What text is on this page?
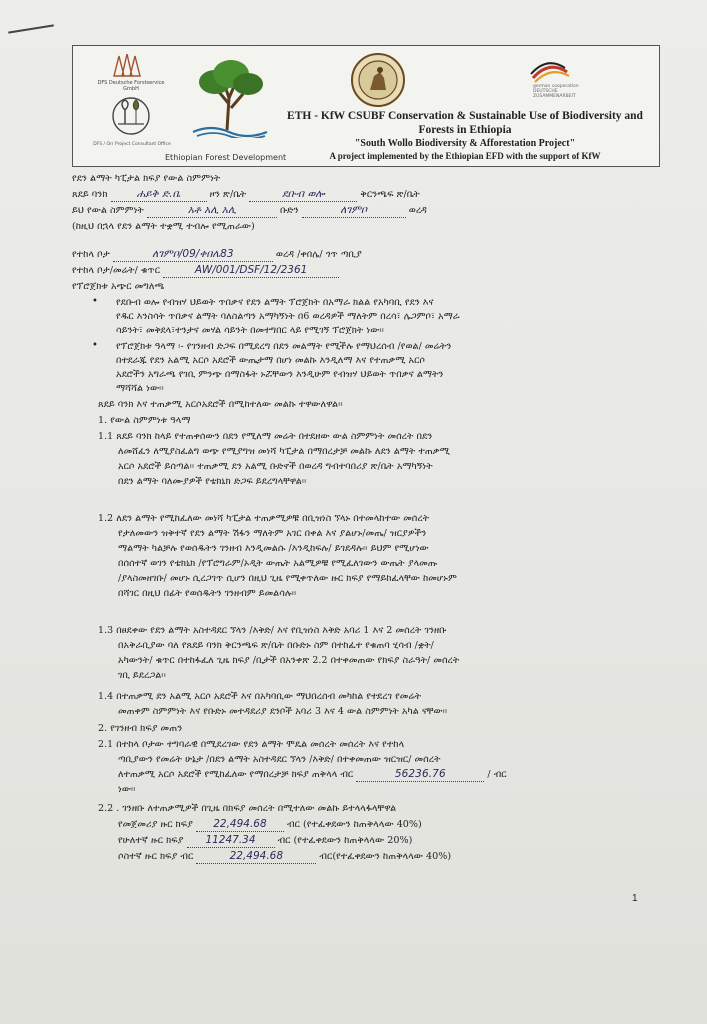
DFS Deutsche Forstservice GmbH
DFS / Orr Project Consultant Office
Ethiopian Forest Development
german cooperation DEUTSCHE ZUSAMMENARBEIT
ETH - KfW CSUBF Conservation & Sustainable Use of Biodiversity and
Forests in Ethiopia
"South Wollo Biodiversity & Afforestation Project"
A project implemented by the Ethiopian EFD with the support of KfW
የደን ልማት ካፒታል ክፍያ የውል ስምምነት
ጸደይ ባንክ	ሐይቅ ድ.ቤ	ዞን ጽ/ቤት	ደቡብ ወሎ	ቅርንጫፍ ጽ/ቤት
ይህ የውል ስምምነት	አቶ አሊ አሊ	ቡድን	ለገምቦ	ወረዳ
(ከዚህ በኋላ የደን ልማት ተቋሚ ተብሎ የሚጠራው)
የተከላ ቦታ	ለገምቦ/09/ቀበሌ83	ወረዳ /ቀበሌ/ ጎጥ ጣቢያ
የተከላ ቦታ/መሬት/ ቁጥር	AW/001/DSF/12/2361
የፕሮጀክቱ አጭር መግለጫ
• የደቡብ ወሎ የብዝሃ ህይወት ጥበቃና የደን ልማት ፕሮጀክት በአማራ ክልል የአካባቢ የደን እና
የዱር እንስሳት ጥበቃና ልማት ባለስልጣን አማካኝነት በ6 ወረዳዎች ማለትም በረሳ፣ ሌጋምቦ፣ አማራ
ሳይንት፣ መቅደላ፣ተንታና መሃል ሳይንት በመተግበር ላይ የሚገኝ ፕሮጀክት ነው፡፡
• የፕሮጀክቱ ዓላማ ፡- የገንዘብ ድጋፍ በሚደረግ በደን መልማት የሚችሉ የማህረሰብ /የወል/ መሬትን
በተደራጁ የደን አልሚ አርሶ አደሮች ውጤታማ በሆነ መልኩ እንዲለማ እና የተጠቃሚ አርሶ
አደሮችን አግራጫ የገቢ ምንጭ በማስፋት ኑሯቸውን እንዲሁም የብዝሃ ህይወት ጥበቃና ልማትን
ማሻሻል ነው፡፡
ጸደይ ባንክ እና ተጠቃሚ አርሶአደሮች በሚከተለው መልኩ ተዋውለዋል፡፡
1. የውል ስምምነቱ ዓላማ
1.1 ጸደይ ባንክ ከላይ የተጠቀሰውን በደን የሚለማ መሬት በተደዘው ውል ስምምነት መሰረት በደን
ለመሸፈን ለሚያስፈልግ ወጭ የሚያግዝ መነሻ ካፒታል በማበረታቻ መልኩ ለደን ልማት ተጠቃሚ
አርሶ አደሮች ይሰጣል፡፡ ተጠቃሚ ደን አልሚ ቡድኖች በወረዳ ግብተባበሪያ ጽ/ቤት አማካኝነት
በደን ልማት ባለሙያዎች የቴክኒክ ድጋፍ ይደረግላቸዋል፡፡
1.2 ለደን ልማት የሚከፈለው መነሻ ካፒታል ተጠቃሚዎቹ በቢዝነስ ኘላኑ በተመላከተው መሰረት
የታለመውን ዝቅተኛ የደን ልማት ሽፋን ማለትም አገር በቀል እና ያልሆኑ/መጤ/ ዝርያዎችን
ማልማት ካልቻሉ የወሰዱትን ገንዘብ እንዲመልሱ /እንዲከፍሉ/ ይገደዳሉ፡፡ ይህም የሚሆነው
በሰሰተኛ ወገን የቴክኒክ /የፕሮግራም/ኦዲት ውጤት አልሚዎቹ የሚፈለገውን ውጤት ያላመጡ
/ያላስመዘገቡ/ መሆኑ ሲረጋገጥ ሲሆን በዚህ ጊዜ የሚቀጥለው ዙር ክፍያ የማይከፈላቸው ከመሆኑም
በሻገር በዚህ በፊት የወሰዱትን ገንዘብም ይመልሳሉ፡፡
1.3 በፀደቀው የደን ልማት አስተዳደር ኘላን /እቅድ/ እና የቢዝነስ እቅድ አባሪ 1 እና 2 መሰረት ገንዘቡ
በአቅራቢያው ባለ የጸደይ ባንክ ቅርንጫፍ ጽ/ቤት በቡድኑ ስም በተከፈተ የቁጠባ ሂሳብ /ቋት/
አካውንት/ ቁጥር በተከፋፈለ ጊዜ ክፍያ /ቢታች በአንቀጽ 2.2 በተቀመጠው የክፍያ ስራዓት/ መሰረት
ገቢ ይደረጋል፡፡
1.4 በተጠቃሚ ደን አልሚ አርሶ አደሮች እና በአካባቢው ማህበረሰብ መካከል የተደረገ የመሬት
መጠቀም ስምምነት እና የቡድኑ መተዳደሪያ ደንቦች አባሪ 3 እና 4 ውል ስምምነት አካል ናቸው፡፡
2. የገንዘብ ክፍያ መጠን
2.1 በተከላ ቦታው ተግባራዊ በሚደረገው የደን ልማት ሞዴል መሰረት መሰረት እና የተከላ
ጣቢያውን የመሬት ሁኔታ /በደን ልማት አስተዳደር ኘላን /እቅድ/ በተቀመጠው ዝርዝር/ መሰረት
ለተጠቃሚ አርሶ አደሮች የሚከፈለው የማበረታቻ ክፍያ ጠቅላላ ብር	56236.76	/ ብር
ነው፡፡
2.2 . ገንዘቡ ለተጠቃሚዎች በጊዜ በክፍያ መሰረት በሚተለው መልኩ ይተላላፋላቸዋል
የመጀመሪያ ዙር ክፍያ 22,494.68 ብር (የተፈቀደውን ከጠቅላላው 40%)
የሁለተኛ ዙር ክፍያ 11247.34 ብር (የተፈቀደውን ከጠቅላላው 20%)
ሶስተኛ ዙር ክፍያ ብር	22,494.68	ብር(የተፈቀደውን ከጠቅላላው 40%)
1
